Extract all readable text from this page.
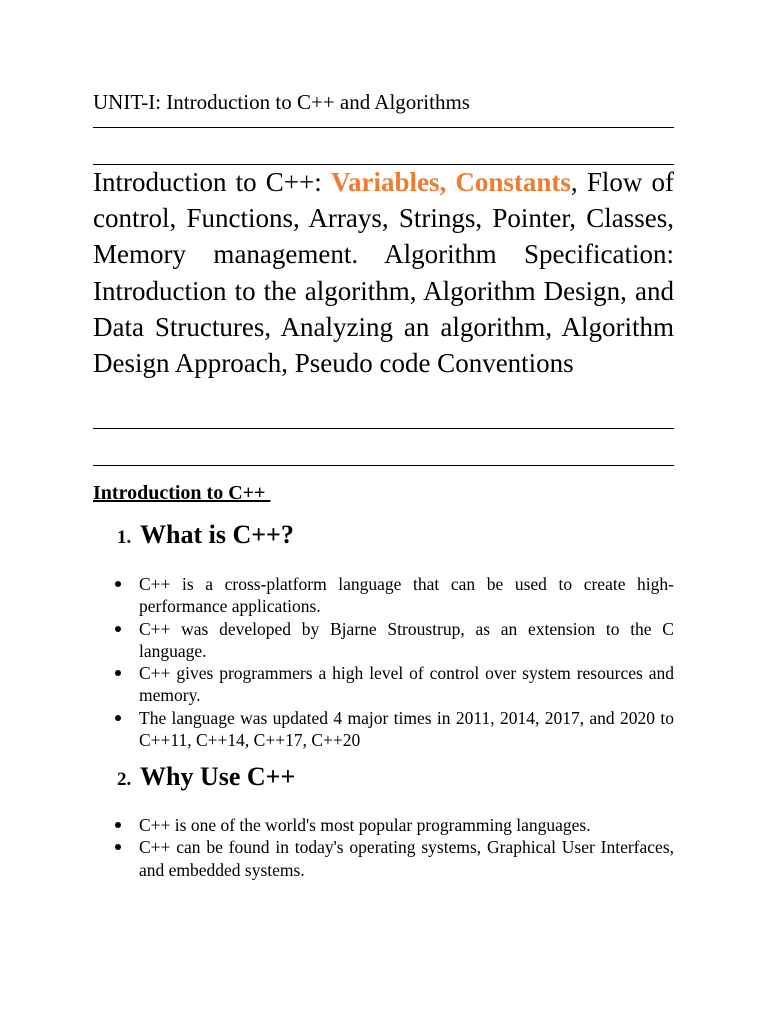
UNIT-I: Introduction to C++ and Algorithms
Introduction to C++: Variables, Constants, Flow of control, Functions, Arrays, Strings, Pointer, Classes, Memory management. Algorithm Specification: Introduction to the algorithm, Algorithm Design, and Data Structures, Analyzing an algorithm, Algorithm Design Approach, Pseudo code Conventions
Introduction to C++
1. What is C++?
C++ is a cross-platform language that can be used to create high-performance applications.
C++ was developed by Bjarne Stroustrup, as an extension to the C language.
C++ gives programmers a high level of control over system resources and memory.
The language was updated 4 major times in 2011, 2014, 2017, and 2020 to C++11, C++14, C++17, C++20
2. Why Use C++
C++ is one of the world's most popular programming languages.
C++ can be found in today's operating systems, Graphical User Interfaces, and embedded systems.
